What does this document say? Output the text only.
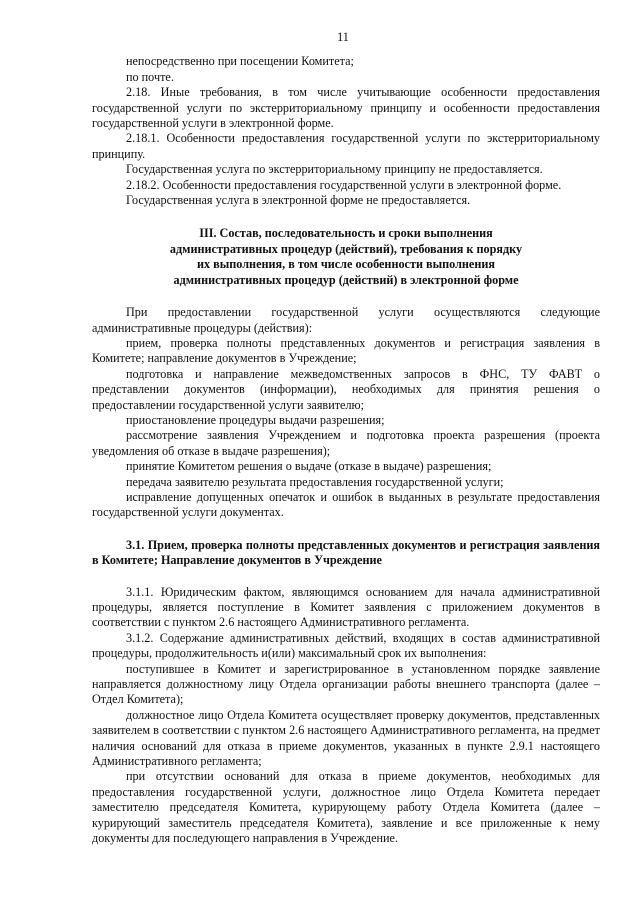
11

непосредственно при посещении Комитета;

по почте.

2.18. Иные требования, в том числе учитывающие особенности предоставления государственной услуги по экстерриториальному принципу и особенности предоставления государственной услуги в электронной форме.

2.18.1. Особенности предоставления государственной услуги по экстерриториальному принципу.

Государственная услуга по экстерриториальному принципу не предоставляется.

2.18.2. Особенности предоставления государственной услуги в электронной форме.

Государственная услуга в электронной форме не предоставляется.

III. Состав, последовательность и сроки выполнения
административных процедур (действий), требования к порядку
их выполнения, в том числе особенности выполнения
административных процедур (действий) в электронной форме

При предоставлении государственной услуги осуществляются следующие административные процедуры (действия):

прием, проверка полноты представленных документов и регистрация заявления в Комитете; направление документов в Учреждение;

подготовка и направление межведомственных запросов в ФНС, ТУ ФАВТ о представлении документов (информации), необходимых для принятия решения о предоставлении государственной услуги заявителю;

приостановление процедуры выдачи разрешения;

рассмотрение заявления Учреждением и подготовка проекта разрешения (проекта уведомления об отказе в выдаче разрешения);

принятие Комитетом решения о выдаче (отказе в выдаче) разрешения;

передача заявителю результата предоставления государственной услуги;

исправление допущенных опечаток и ошибок в выданных в результате предоставления государственной услуги документах.

3.1. Прием, проверка полноты представленных документов и регистрация заявления в Комитете; Направление документов в Учреждение

3.1.1. Юридическим фактом, являющимся основанием для начала административной процедуры, является поступление в Комитет заявления с приложением документов в соответствии с пунктом 2.6 настоящего Административного регламента.

3.1.2. Содержание административных действий, входящих в состав административной процедуры, продолжительность и(или) максимальный срок их выполнения:

поступившее в Комитет и зарегистрированное в установленном порядке заявление направляется должностному лицу Отдела организации работы внешнего транспорта (далее – Отдел Комитета);

должностное лицо Отдела Комитета осуществляет проверку документов, представленных заявителем в соответствии с пунктом 2.6 настоящего Административного регламента, на предмет наличия оснований для отказа в приеме документов, указанных в пункте 2.9.1 настоящего Административного регламента;

при отсутствии оснований для отказа в приеме документов, необходимых для предоставления государственной услуги, должностное лицо Отдела Комитета передает заместителю председателя Комитета, курирующему работу Отдела Комитета (далее – курирующий заместитель председателя Комитета), заявление и все приложенные к нему документы для последующего направления в Учреждение.
